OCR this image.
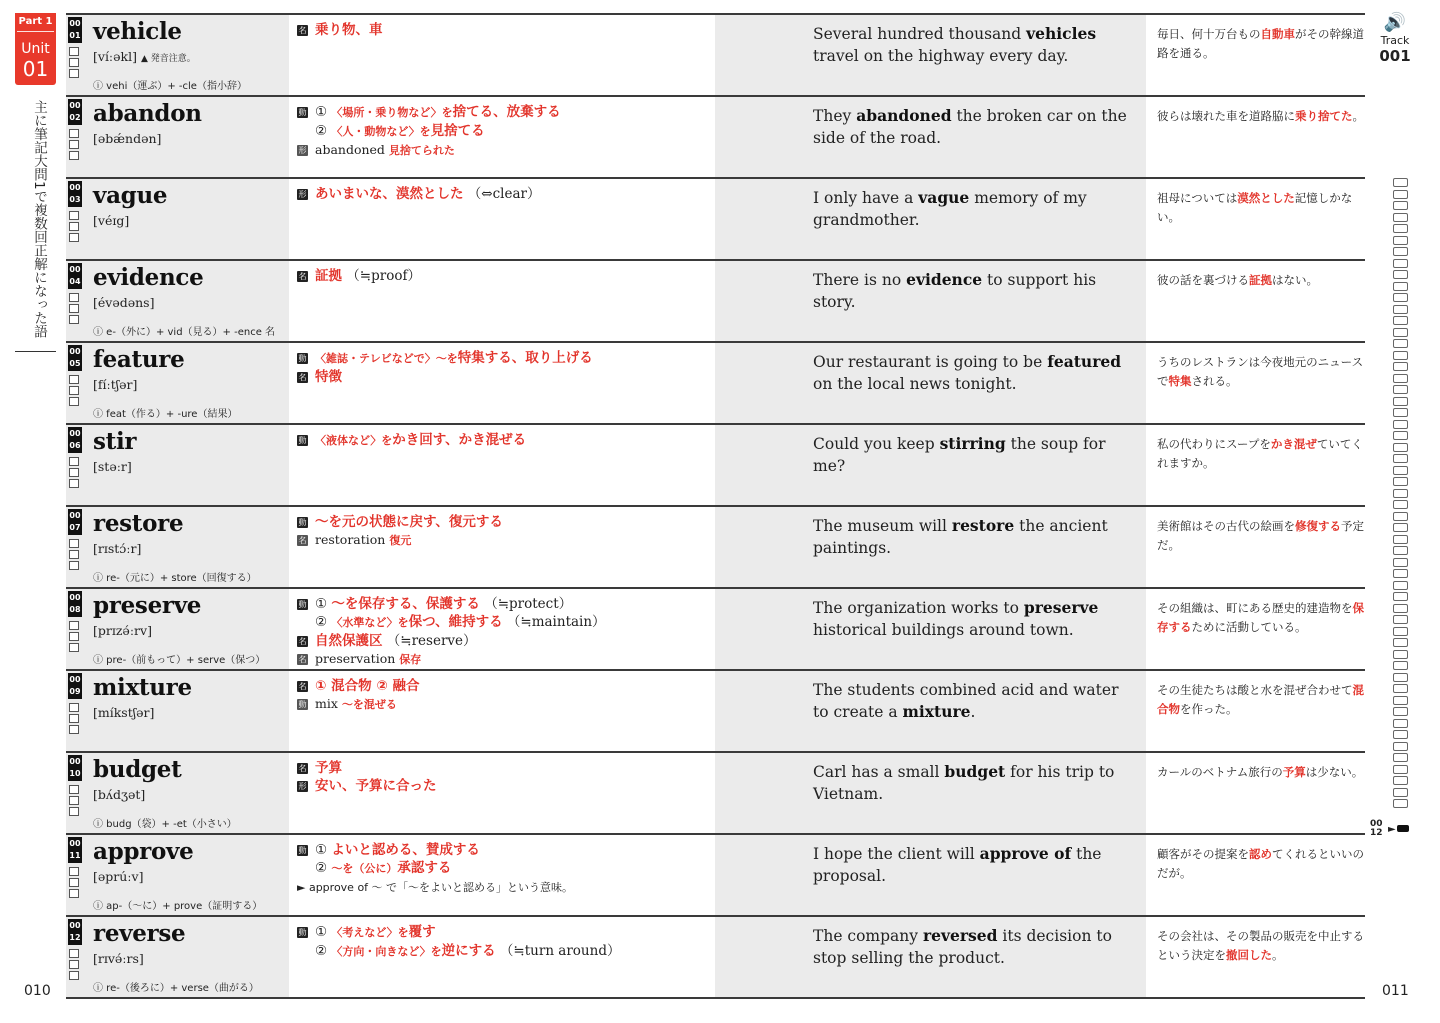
Part 1
Unit
01
主に筆記大問1で複数回正解になった語
010	011
🔊
Track
001
00
12 ►
00
01 vehicle
[víːəkl] ▲ 発音注意。
ⓘ vehi（運ぶ）+ -cle（指小辞）
名 乗り物、車	Several hundred thousand vehicles travel on the highway every day.
毎日、何十万台もの自動車がその幹線道路を通る。
00
02 abandon
[əbǽndən]
動 ① 〈場所・乗り物など〉を捨てる、放棄する
② 〈人・動物など〉を見捨てる
形 abandoned 見捨てられた
They abandoned the broken car on the side of the road.
彼らは壊れた車を道路脇に乗り捨てた。
00
03 vague
[véɪg]
形 あいまいな、漠然とした （⇔clear）	I only have a vague memory of my grandmother.
祖母については漠然とした記憶しかない。
00
04 evidence
[évədəns]
ⓘ e-（外に）+ vid（見る）+ -ence 名
名 証拠 （≒proof）	There is no evidence to support his story.
彼の話を裏づける証拠はない。
00
05 feature
[fíːtʃər]
ⓘ feat（作る）+ -ure（結果）
動 〈雑誌・テレビなどで〉～を特集する、取り上げる
名 特徴
Our restaurant is going to be featured on the local news tonight.
うちのレストランは今夜地元のニュースで特集される。
00
06 stir
[stəːr]
動 〈液体など〉をかき回す、かき混ぜる	Could you keep stirring the soup for me?
私の代わりにスープをかき混ぜていてくれますか。
00
07 restore
[rɪstɔ́ːr]
ⓘ re-（元に）+ store（回復する）
動 ～を元の状態に戻す、復元する
名 restoration 復元
The museum will restore the ancient paintings.
美術館はその古代の絵画を修復する予定だ。
00
08 preserve
[prɪzə́ːrv]
ⓘ pre-（前もって）+ serve（保つ）
動 ① ～を保存する、保護する （≒protect）
② 〈水準など〉を保つ、維持する （≒maintain）
名 自然保護区 （≒reserve）
名 preservation 保存
The organization works to preserve historical buildings around town.
その組織は、町にある歴史的建造物を保存するために活動している。
00
09 mixture
[míkstʃər]
名 ① 混合物 ② 融合
動 mix ～を混ぜる
The students combined acid and water to create a mixture.
その生徒たちは酸と水を混ぜ合わせて混合物を作った。
00
10 budget
[bʌ́dʒət]
ⓘ budg（袋）+ -et（小さい）
名 予算
形 安い、予算に合った
Carl has a small budget for his trip to Vietnam.
カールのベトナム旅行の予算は少ない。
00
11 approve
[əprúːv]
ⓘ ap-（～に）+ prove（証明する）
動 ① よいと認める、賛成する
② ～を（公に）承認する
► approve of ～ で「～をよいと認める」という意味。
I hope the client will approve of the proposal.
顧客がその提案を認めてくれるといいのだが。
00
12 reverse
[rɪvə́ːrs]
ⓘ re-（後ろに）+ verse（曲がる）
動 ① 〈考えなど〉を覆す
② 〈方向・向きなど〉を逆にする （≒turn around）
The company reversed its decision to stop selling the product.
その会社は、その製品の販売を中止するという決定を撤回した。
